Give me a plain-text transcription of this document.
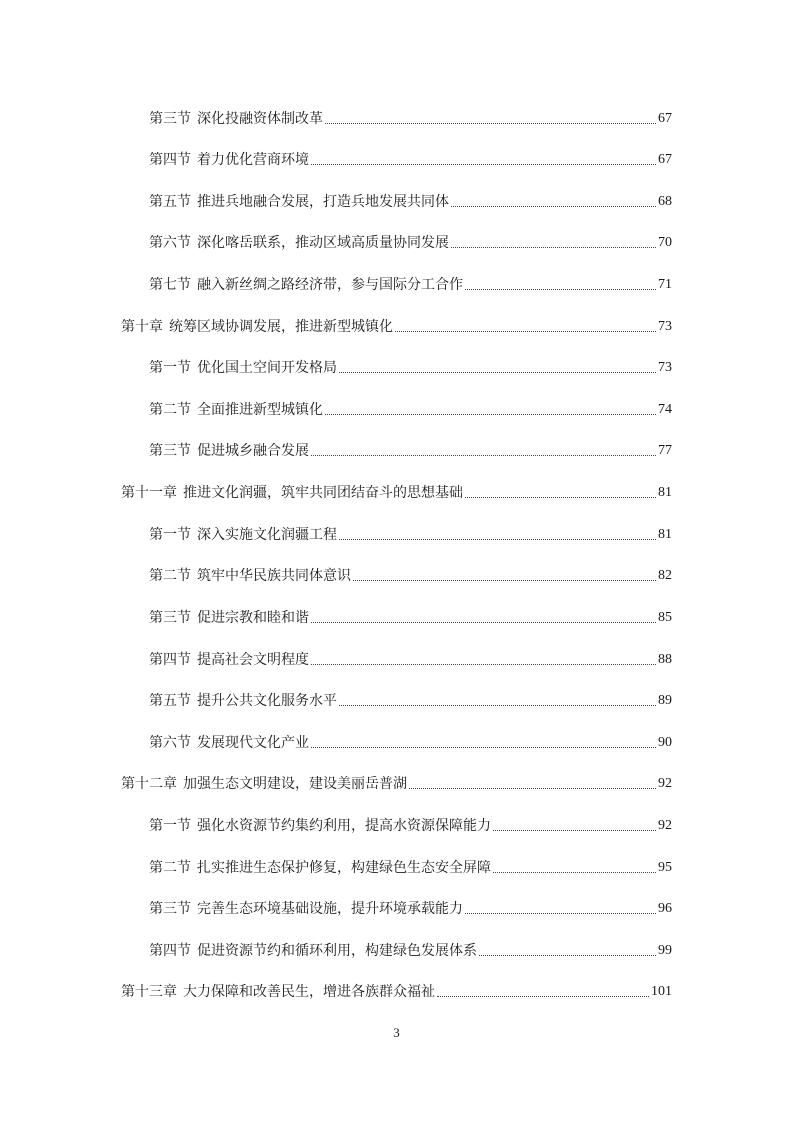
第三节 深化投融资体制改革	67
第四节 着力优化营商环境	67
第五节 推进兵地融合发展，打造兵地发展共同体	68
第六节 深化喀岳联系，推动区域高质量协同发展	70
第七节 融入新丝绸之路经济带，参与国际分工合作	71
第十章 统筹区域协调发展，推进新型城镇化	73
第一节 优化国土空间开发格局	73
第二节 全面推进新型城镇化	74
第三节 促进城乡融合发展	77
第十一章 推进文化润疆，筑牢共同团结奋斗的思想基础	81
第一节 深入实施文化润疆工程	81
第二节 筑牢中华民族共同体意识	82
第三节 促进宗教和睦和谐	85
第四节 提高社会文明程度	88
第五节 提升公共文化服务水平	89
第六节 发展现代文化产业	90
第十二章 加强生态文明建设，建设美丽岳普湖	92
第一节 强化水资源节约集约利用，提高水资源保障能力	92
第二节 扎实推进生态保护修复，构建绿色生态安全屏障	95
第三节 完善生态环境基础设施，提升环境承载能力	96
第四节 促进资源节约和循环利用，构建绿色发展体系	99
第十三章 大力保障和改善民生，增进各族群众福祉	101
3
